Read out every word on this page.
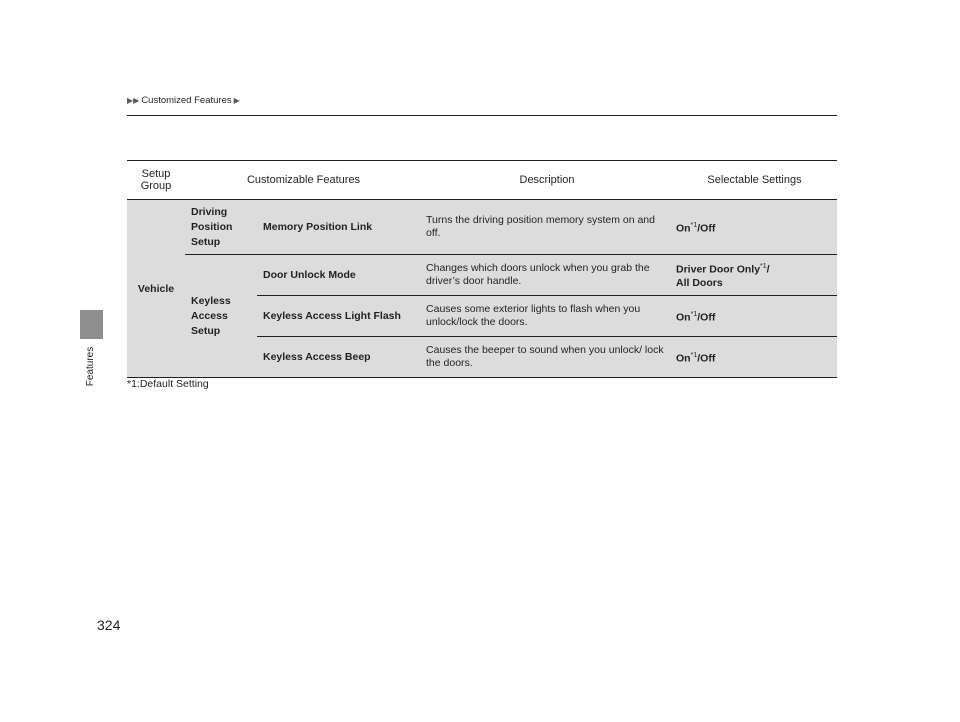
Features
▶▶ Customized Features ▶
Setup Group	Customizable Features		Description	Selectable Settings
Vehicle	Driving Position Setup	Memory Position Link	Turns the driving position memory system on and off.	On$^{*1}$/Off
	Keyless Access Setup	Door Unlock Mode	Changes which doors unlock when you grab the driver’s door handle.	Driver Door Only$^{*1}$/
All Doors
		Keyless Access Light Flash	Causes some exterior lights to flash when you unlock/lock the doors.	On$^{*1}$/Off
		Keyless Access Beep	Causes the beeper to sound when you unlock/ lock the doors.	On$^{*1}$/Off
*1:Default Setting
324
